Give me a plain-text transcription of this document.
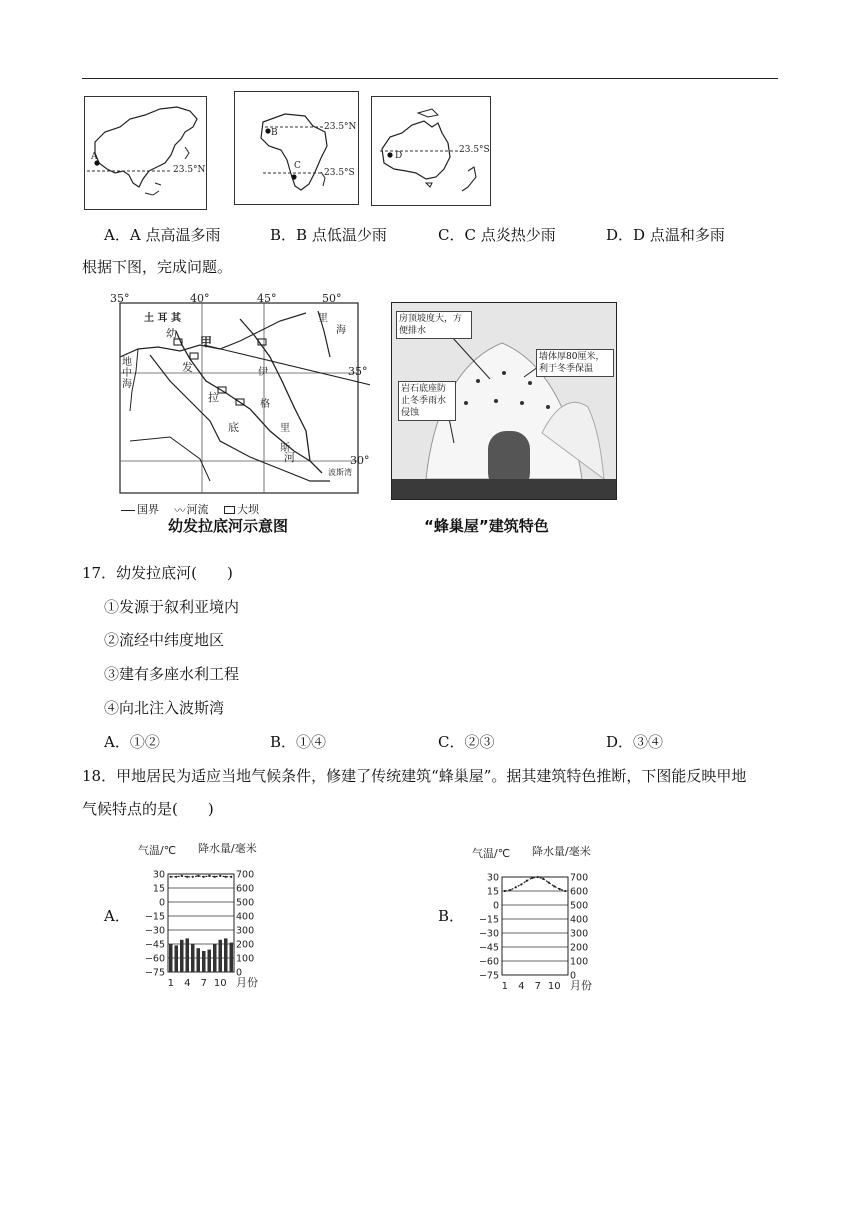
A
23.5°N
B
C
23.5°N
23.5°S
D
23.5°S
A．A 点高温多雨	B．B 点低温少雨	C．C 点炎热少雨	D．D 点温和多雨
根据下图，完成问题。
35°	40°	45°	50°
35°
30°
土 耳 其	里
海
幼
甲
发	伊
拉
格
底	里
斯
河
地中海
波斯湾
国界 〰河流	大坝
幼发拉底河示意图
房顶坡度大，方便排水
墙体厚80厘米，利于冬季保温
岩石底座防止冬季雨水侵蚀
“蜂巢屋”建筑特色
17．幼发拉底河(　　)
①发源于叙利亚境内
②流经中纬度地区
③建有多座水利工程
④向北注入波斯湾
A．①②	B．①④	C．②③	D．③④
18．甲地居民为适应当地气候条件，修建了传统建筑“蜂巢屋”。据其建筑特色推断，下图能反映甲地
气候特点的是(　　)
A．	B．
气温/℃ 降水量/毫米
30	700
15	600
0	500
−15	400
−30	300
−45	200
−60	100
−75	0
1 4 7 10 月份
气温/℃ 降水量/毫米
30	700
15	600
0	500
−15	400
−30	300
−45	200
−60	100
−75	0
1 4 7 10 月份
